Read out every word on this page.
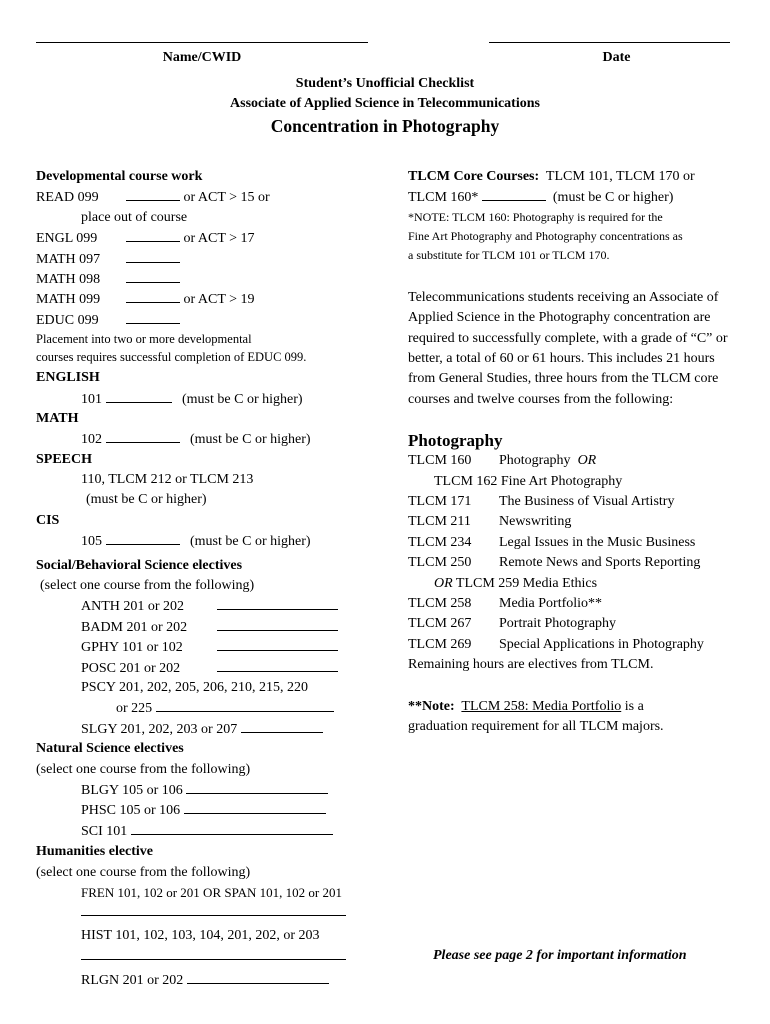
Name/CWID	Date
Student’s Unofficial Checklist
Associate of Applied Science in Telecommunications
Concentration in Photography
Developmental course work
READ 099	or ACT > 15 or
place out of course
ENGL 099	or ACT > 17
MATH 097
MATH 098
MATH 099	or ACT > 19
EDUC 099
Placement into two or more developmental
courses requires successful completion of EDUC 099.
ENGLISH
101	(must be C or higher)
MATH
102	(must be C or higher)
SPEECH
110, TLCM 212 or TLCM 213
(must be C or higher)
CIS
105	(must be C or higher)
Social/Behavioral Science electives
(select one course from the following)
ANTH 201 or 202
BADM 201 or 202
GPHY 101 or 102
POSC 201 or 202
PSCY 201, 202, 205, 206, 210, 215, 220
or 225
SLGY 201, 202, 203 or 207
Natural Science electives
(select one course from the following)
BLGY 105 or 106
PHSC 105 or 106
SCI 101
Humanities elective
(select one course from the following)
FREN 101, 102 or 201 OR SPAN 101, 102 or 201
HIST 101, 102, 103, 104, 201, 202, or 203
RLGN 201 or 202
TLCM Core Courses: TLCM 101, TLCM 170 or
TLCM 160*	(must be C or higher)
*NOTE: TLCM 160: Photography is required for the
Fine Art Photography and Photography concentrations as
a substitute for TLCM 101 or TLCM 170.
Telecommunications students receiving an Associate of Applied Science in the Photography concentration are required to successfully complete, with a grade of “C” or better, a total of 60 or 61 hours. This includes 21 hours from General Studies, three hours from the TLCM core courses and twelve courses from the following:
Photography
TLCM 160 Photography OR
TLCM 162 Fine Art Photography
TLCM 171 The Business of Visual Artistry
TLCM 211 Newswriting
TLCM 234 Legal Issues in the Music Business
TLCM 250 Remote News and Sports Reporting
OR TLCM 259 Media Ethics
TLCM 258 Media Portfolio**
TLCM 267 Portrait Photography
TLCM 269 Special Applications in Photography
Remaining hours are electives from TLCM.
**Note: TLCM 258: Media Portfolio is a
graduation requirement for all TLCM majors.
Please see page 2 for important information
